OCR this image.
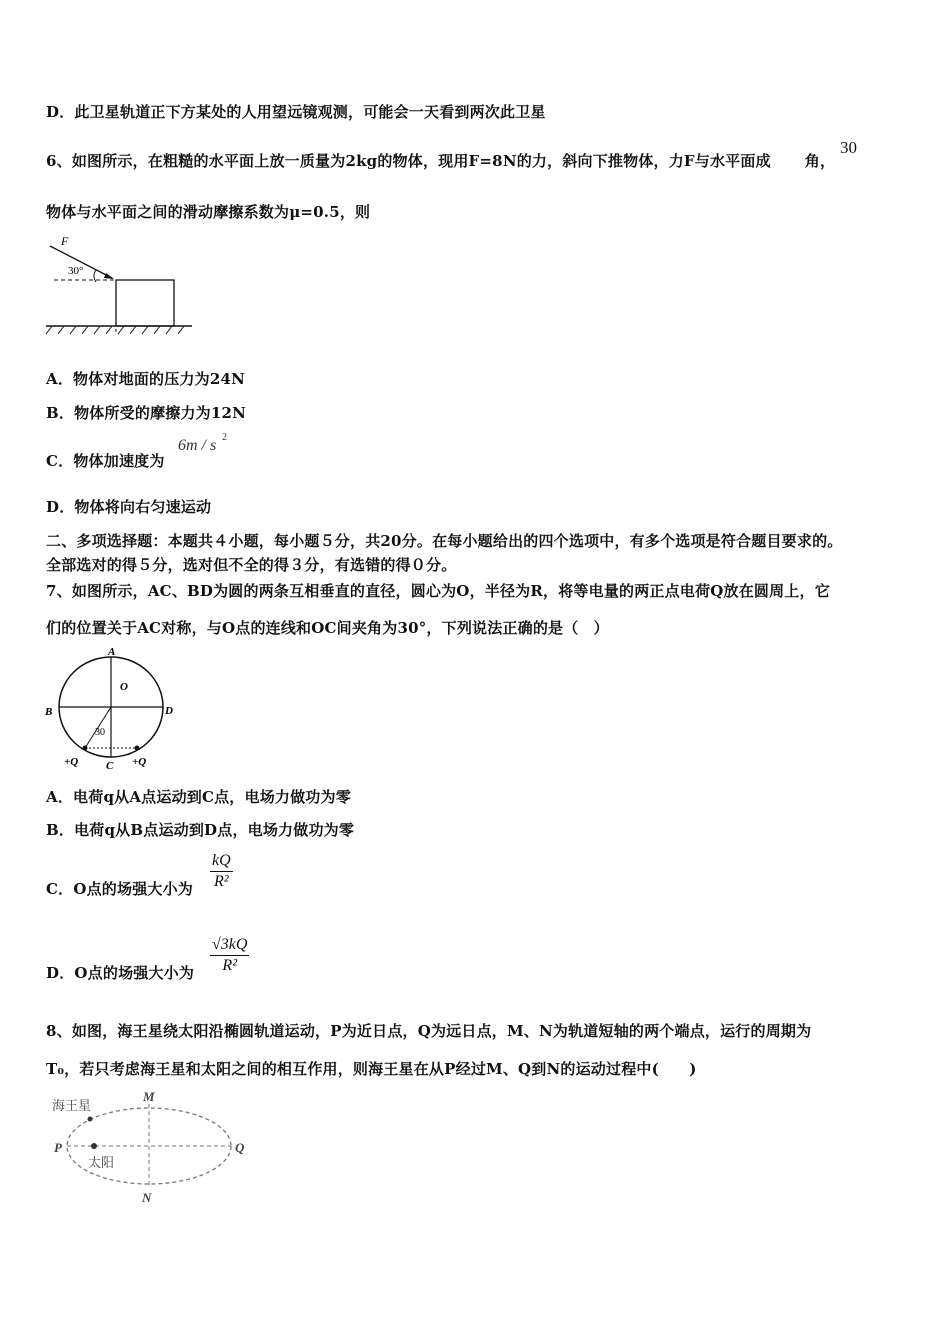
D．此卫星轨道正下方某处的人用望远镜观测，可能会一天看到两次此卫星
6、如图所示，在粗糙的水平面上放一质量为2kg的物体，现用F=8N的力，斜向下推物体，力F与水平面成 角，
30
物体与水平面之间的滑动摩擦系数为μ=0.5，则
F
30°
A．物体对地面的压力为24N
B．物体所受的摩擦力为12N
C．物体加速度为
6m / s 2
D．物体将向右匀速运动
二、多项选择题：本题共４小题，每小题５分，共20分。在每小题给出的四个选项中，有多个选项是符合题目要求的。
全部选对的得５分，选对但不全的得３分，有选错的得０分。
7、如图所示，AC、BD为圆的两条互相垂直的直径，圆心为O，半径为R，将等电量的两正点电荷Q放在圆周上，它
们的位置关于AC对称，与O点的连线和OC间夹角为30°，下列说法正确的是（　）
A
O
B	D
30
+Q	C +Q
A．电荷q从A点运动到C点，电场力做功为零
B．电荷q从B点运动到D点，电场力做功为零
C．O点的场强大小为
kQ
R²
D．O点的场强大小为
√3kQ
R²
8、如图，海王星绕太阳沿椭圆轨道运动，P为近日点，Q为远日点，M、N为轨道短轴的两个端点，运行的周期为
T₀，若只考虑海王星和太阳之间的相互作用，则海王星在从P经过M、Q到N的运动过程中(　　)
海王星
太阳
P	Q
M
N
